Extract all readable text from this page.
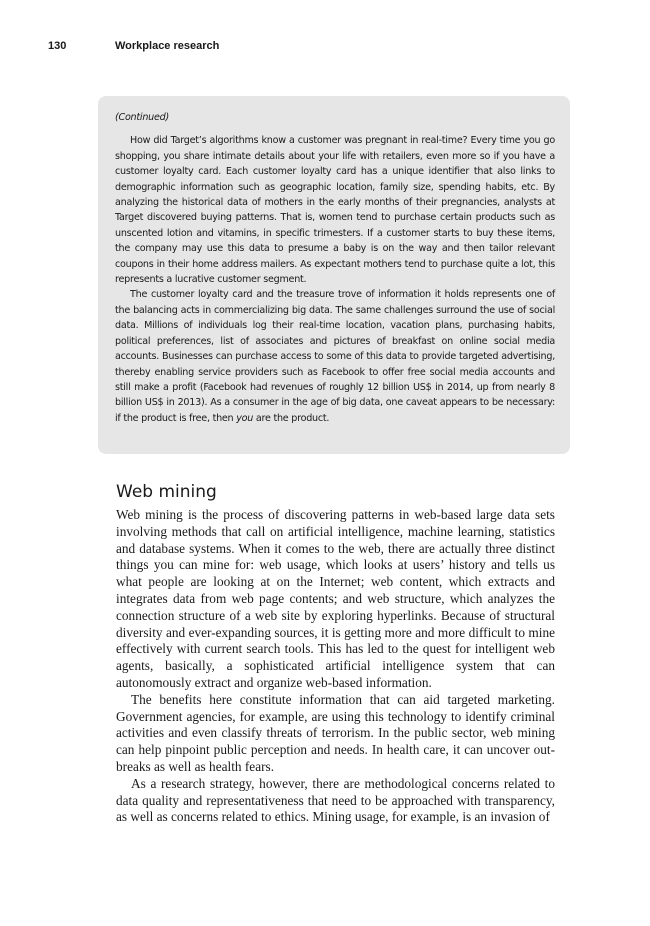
130	Workplace research
(Continued)

How did Target’s algorithms know a customer was pregnant in real-time? Every time you go shopping, you share intimate details about your life with retailers, even more so if you have a customer loyalty card. Each customer loyalty card has a unique identifier that also links to demographic information such as geographic location, family size, spending habits, etc. By analyzing the historical data of mothers in the early months of their pregnancies, analysts at Target discovered buying patterns. That is, women tend to purchase certain products such as unscented lotion and vitamins, in specific trimesters. If a customer starts to buy these items, the company may use this data to presume a baby is on the way and then tailor relevant coupons in their home address mailers. As expectant mothers tend to purchase quite a lot, this represents a lucrative customer segment.

The customer loyalty card and the treasure trove of information it holds represents one of the balancing acts in commercializing big data. The same challenges surround the use of social data. Millions of individuals log their real-time location, vacation plans, purchasing habits, political preferences, list of associates and pictures of breakfast on online social media accounts. Businesses can purchase access to some of this data to provide targeted advertising, thereby enabling service providers such as Facebook to offer free social media accounts and still make a profit (Facebook had revenues of roughly 12 billion US$ in 2014, up from nearly 8 billion US$ in 2013). As a consumer in the age of big data, one caveat appears to be necessary: if the product is free, then you are the product.

Web mining

Web mining is the process of discovering patterns in web-based large data sets involving methods that call on artificial intelligence, machine learning, statistics and database systems. When it comes to the web, there are actually three distinct things you can mine for: web usage, which looks at users’ history and tells us what people are looking at on the Internet; web content, which extracts and integrates data from web page contents; and web structure, which analyzes the connection structure of a web site by exploring hyperlinks. Because of structural diversity and ever-expanding sources, it is getting more and more difficult to mine effectively with current search tools. This has led to the quest for intelligent web agents, basically, a sophisticated artificial intelligence system that can autonomously extract and organize web-based information.

The benefits here constitute information that can aid targeted marketing. Government agencies, for example, are using this technology to identify criminal activities and even classify threats of terrorism. In the public sector, web mining can help pinpoint public perception and needs. In health care, it can uncover outbreaks as well as health fears.

As a research strategy, however, there are methodological concerns related to data quality and representativeness that need to be approached with transparency, as well as concerns related to ethics. Mining usage, for example, is an invasion of
